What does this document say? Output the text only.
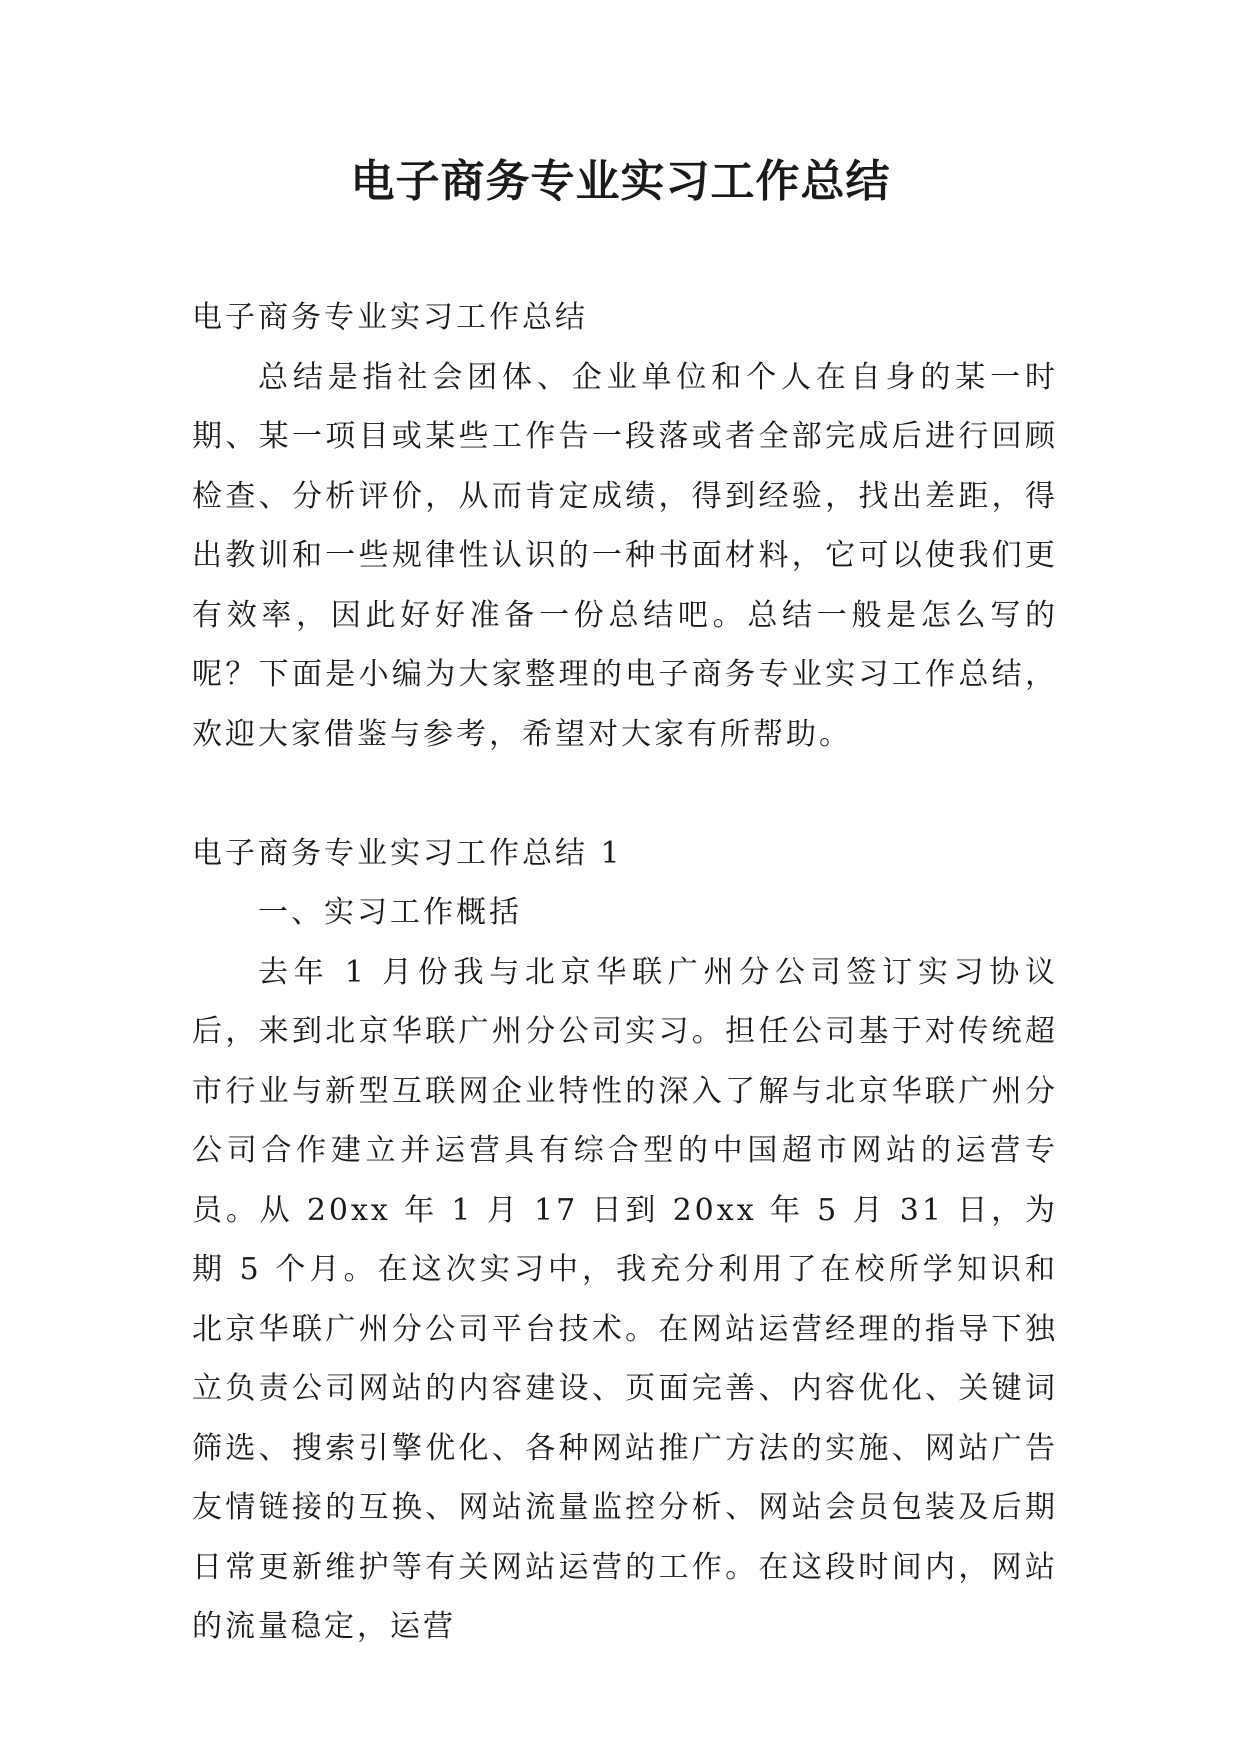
电子商务专业实习工作总结

电子商务专业实习工作总结

总结是指社会团体、企业单位和个人在自身的某一时期、某一项目或某些工作告一段落或者全部完成后进行回顾检查、分析评价，从而肯定成绩，得到经验，找出差距，得出教训和一些规律性认识的一种书面材料，它可以使我们更有效率，因此好好准备一份总结吧。总结一般是怎么写的呢？下面是小编为大家整理的电子商务专业实习工作总结，欢迎大家借鉴与参考，希望对大家有所帮助。

电子商务专业实习工作总结 1

一、实习工作概括

去年 1 月份我与北京华联广州分公司签订实习协议后，来到北京华联广州分公司实习。担任公司基于对传统超市行业与新型互联网企业特性的深入了解与北京华联广州分公司合作建立并运营具有综合型的中国超市网站的运营专员。从 20xx 年 1 月 17 日到 20xx 年 5 月 31 日，为期 5 个月。在这次实习中，我充分利用了在校所学知识和北京华联广州分公司平台技术。在网站运营经理的指导下独立负责公司网站的内容建设、页面完善、内容优化、关键词筛选、搜索引擎优化、各种网站推广方法的实施、网站广告友情链接的互换、网站流量监控分析、网站会员包装及后期日常更新维护等有关网站运营的工作。在这段时间内，网站的流量稳定，运营
